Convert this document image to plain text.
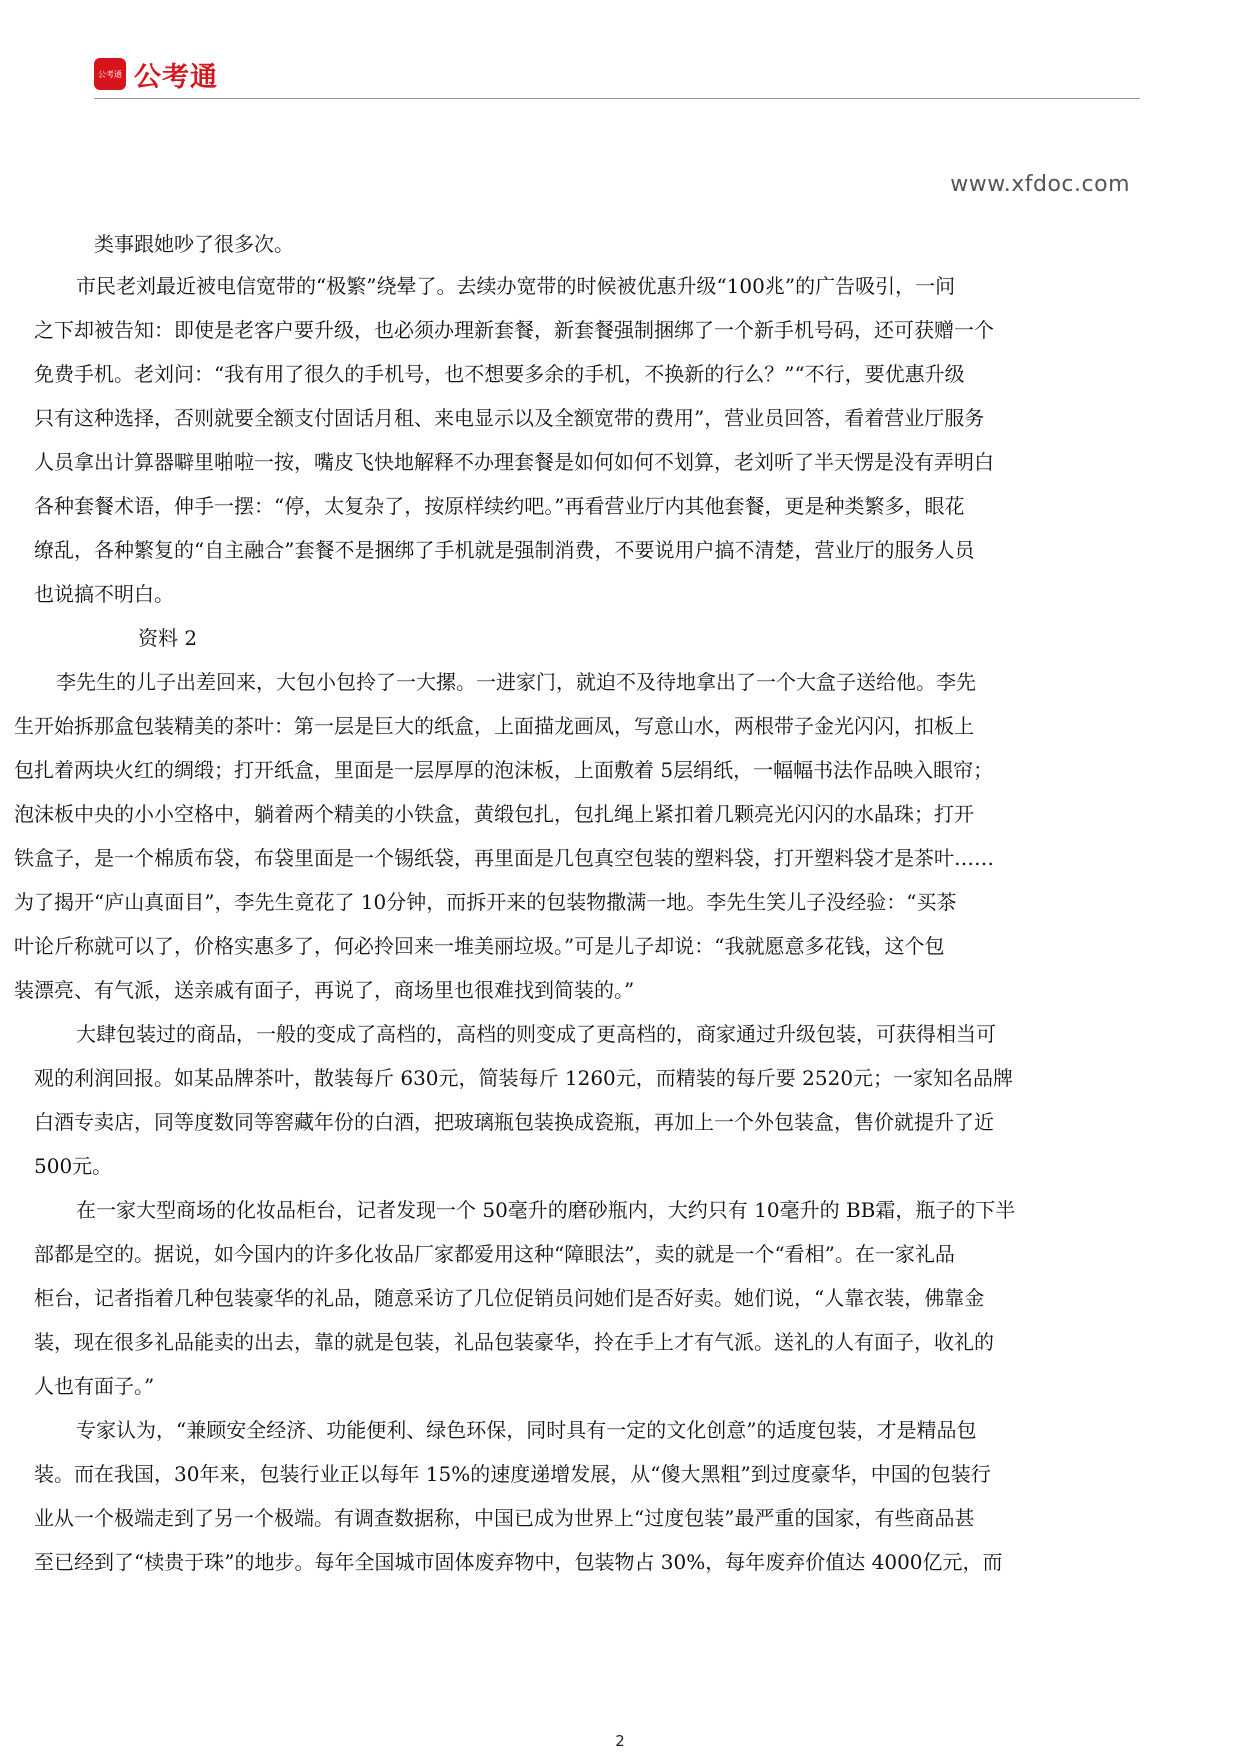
公考通 公考通
www.xfdoc.com
类事跟她吵了很多次。
市民老刘最近被电信宽带的“极繁”绕晕了。去续办宽带的时候被优惠升级“100兆”的广告吸引，一问
之下却被告知：即使是老客户要升级，也必须办理新套餐，新套餐强制捆绑了一个新手机号码，还可获赠一个
免费手机。老刘问：“我有用了很久的手机号，也不想要多余的手机，不换新的行么？”“不行，要优惠升级
只有这种选择，否则就要全额支付固话月租、来电显示以及全额宽带的费用”，营业员回答，看着营业厅服务
人员拿出计算器噼里啪啦一按，嘴皮飞快地解释不办理套餐是如何如何不划算，老刘听了半天愣是没有弄明白
各种套餐术语，伸手一摆：“停，太复杂了，按原样续约吧。”再看营业厅内其他套餐，更是种类繁多，眼花
缭乱，各种繁复的“自主融合”套餐不是捆绑了手机就是强制消费，不要说用户搞不清楚，营业厅的服务人员
也说搞不明白。
资料 2
李先生的儿子出差回来，大包小包拎了一大摞。一进家门，就迫不及待地拿出了一个大盒子送给他。李先
生开始拆那盒包装精美的茶叶：第一层是巨大的纸盒，上面描龙画凤，写意山水，两根带子金光闪闪，扣板上
包扎着两块火红的绸缎；打开纸盒，里面是一层厚厚的泡沫板，上面敷着 5层绢纸，一幅幅书法作品映入眼帘；
泡沫板中央的小小空格中，躺着两个精美的小铁盒，黄缎包扎，包扎绳上紧扣着几颗亮光闪闪的水晶珠；打开
铁盒子，是一个棉质布袋，布袋里面是一个锡纸袋，再里面是几包真空包装的塑料袋，打开塑料袋才是茶叶……
为了揭开“庐山真面目”，李先生竟花了 10分钟，而拆开来的包装物撒满一地。李先生笑儿子没经验：“买茶
叶论斤称就可以了，价格实惠多了，何必拎回来一堆美丽垃圾。”可是儿子却说：“我就愿意多花钱，这个包
装漂亮、有气派，送亲戚有面子，再说了，商场里也很难找到简装的。”
大肆包装过的商品，一般的变成了高档的，高档的则变成了更高档的，商家通过升级包装，可获得相当可
观的利润回报。如某品牌茶叶，散装每斤 630元，简装每斤 1260元，而精装的每斤要 2520元；一家知名品牌
白酒专卖店，同等度数同等窖藏年份的白酒，把玻璃瓶包装换成瓷瓶，再加上一个外包装盒，售价就提升了近
500元。
在一家大型商场的化妆品柜台，记者发现一个 50毫升的磨砂瓶内，大约只有 10毫升的 BB霜，瓶子的下半
部都是空的。据说，如今国内的许多化妆品厂家都爱用这种“障眼法”，卖的就是一个“看相”。在一家礼品
柜台，记者指着几种包装豪华的礼品，随意采访了几位促销员问她们是否好卖。她们说，“人靠衣装，佛靠金
装，现在很多礼品能卖的出去，靠的就是包装，礼品包装豪华，拎在手上才有气派。送礼的人有面子，收礼的
人也有面子。”
专家认为，“兼顾安全经济、功能便利、绿色环保，同时具有一定的文化创意”的适度包装，才是精品包
装。而在我国，30年来，包装行业正以每年 15%的速度递增发展，从“傻大黑粗”到过度豪华，中国的包装行
业从一个极端走到了另一个极端。有调查数据称，中国已成为世界上“过度包装”最严重的国家，有些商品甚
至已经到了“椟贵于珠”的地步。每年全国城市固体废弃物中，包装物占 30%，每年废弃价值达 4000亿元，而
2
